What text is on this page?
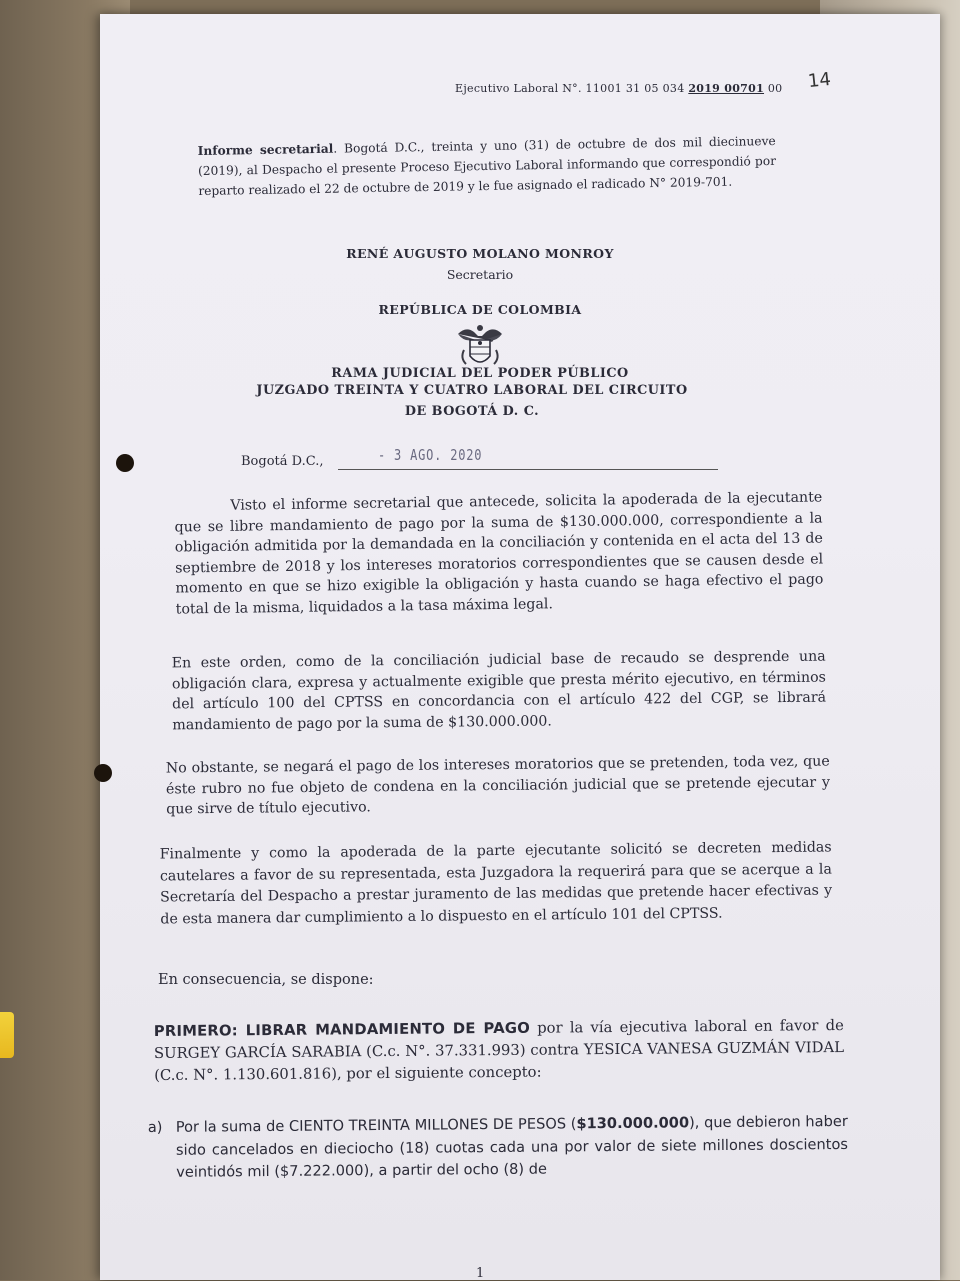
Ejecutivo Laboral N°. 11001 31 05 034 2019 00701 00 14
Informe secretarial. Bogotá D.C., treinta y uno (31) de octubre de dos mil diecinueve (2019), al Despacho el presente Proceso Ejecutivo Laboral informando que correspondió por reparto realizado el 22 de octubre de 2019 y le fue asignado el radicado N° 2019-701.
RENÉ AUGUSTO MOLANO MONROY
Secretario
REPÚBLICA DE COLOMBIA
RAMA JUDICIAL DEL PODER PÚBLICO
JUZGADO TREINTA Y CUATRO LABORAL DEL CIRCUITO
DE BOGOTÁ D. C.
Bogotá D.C.,	- 3 AGO. 2020
Visto el informe secretarial que antecede, solicita la apoderada de la ejecutante que se libre mandamiento de pago por la suma de $130.000.000, correspondiente a la obligación admitida por la demandada en la conciliación y contenida en el acta del 13 de septiembre de 2018 y los intereses moratorios correspondientes que se causen desde el momento en que se hizo exigible la obligación y hasta cuando se haga efectivo el pago total de la misma, liquidados a la tasa máxima legal.
En este orden, como de la conciliación judicial base de recaudo se desprende una obligación clara, expresa y actualmente exigible que presta mérito ejecutivo, en términos del artículo 100 del CPTSS en concordancia con el artículo 422 del CGP, se librará mandamiento de pago por la suma de $130.000.000.
No obstante, se negará el pago de los intereses moratorios que se pretenden, toda vez, que éste rubro no fue objeto de condena en la conciliación judicial que se pretende ejecutar y que sirve de título ejecutivo.
Finalmente y como la apoderada de la parte ejecutante solicitó se decreten medidas cautelares a favor de su representada, esta Juzgadora la requerirá para que se acerque a la Secretaría del Despacho a prestar juramento de las medidas que pretende hacer efectivas y de esta manera dar cumplimiento a lo dispuesto en el artículo 101 del CPTSS.
En consecuencia, se dispone:
PRIMERO: LIBRAR MANDAMIENTO DE PAGO por la vía ejecutiva laboral en favor de SURGEY GARCÍA SARABIA (C.c. N°. 37.331.993) contra YESICA VANESA GUZMÁN VIDAL (C.c. N°. 1.130.601.816), por el siguiente concepto:
a) Por la suma de CIENTO TREINTA MILLONES DE PESOS ($130.000.000), que debieron haber sido cancelados en dieciocho (18) cuotas cada una por valor de siete millones doscientos veintidós mil ($7.222.000), a partir del ocho (8) de
1
